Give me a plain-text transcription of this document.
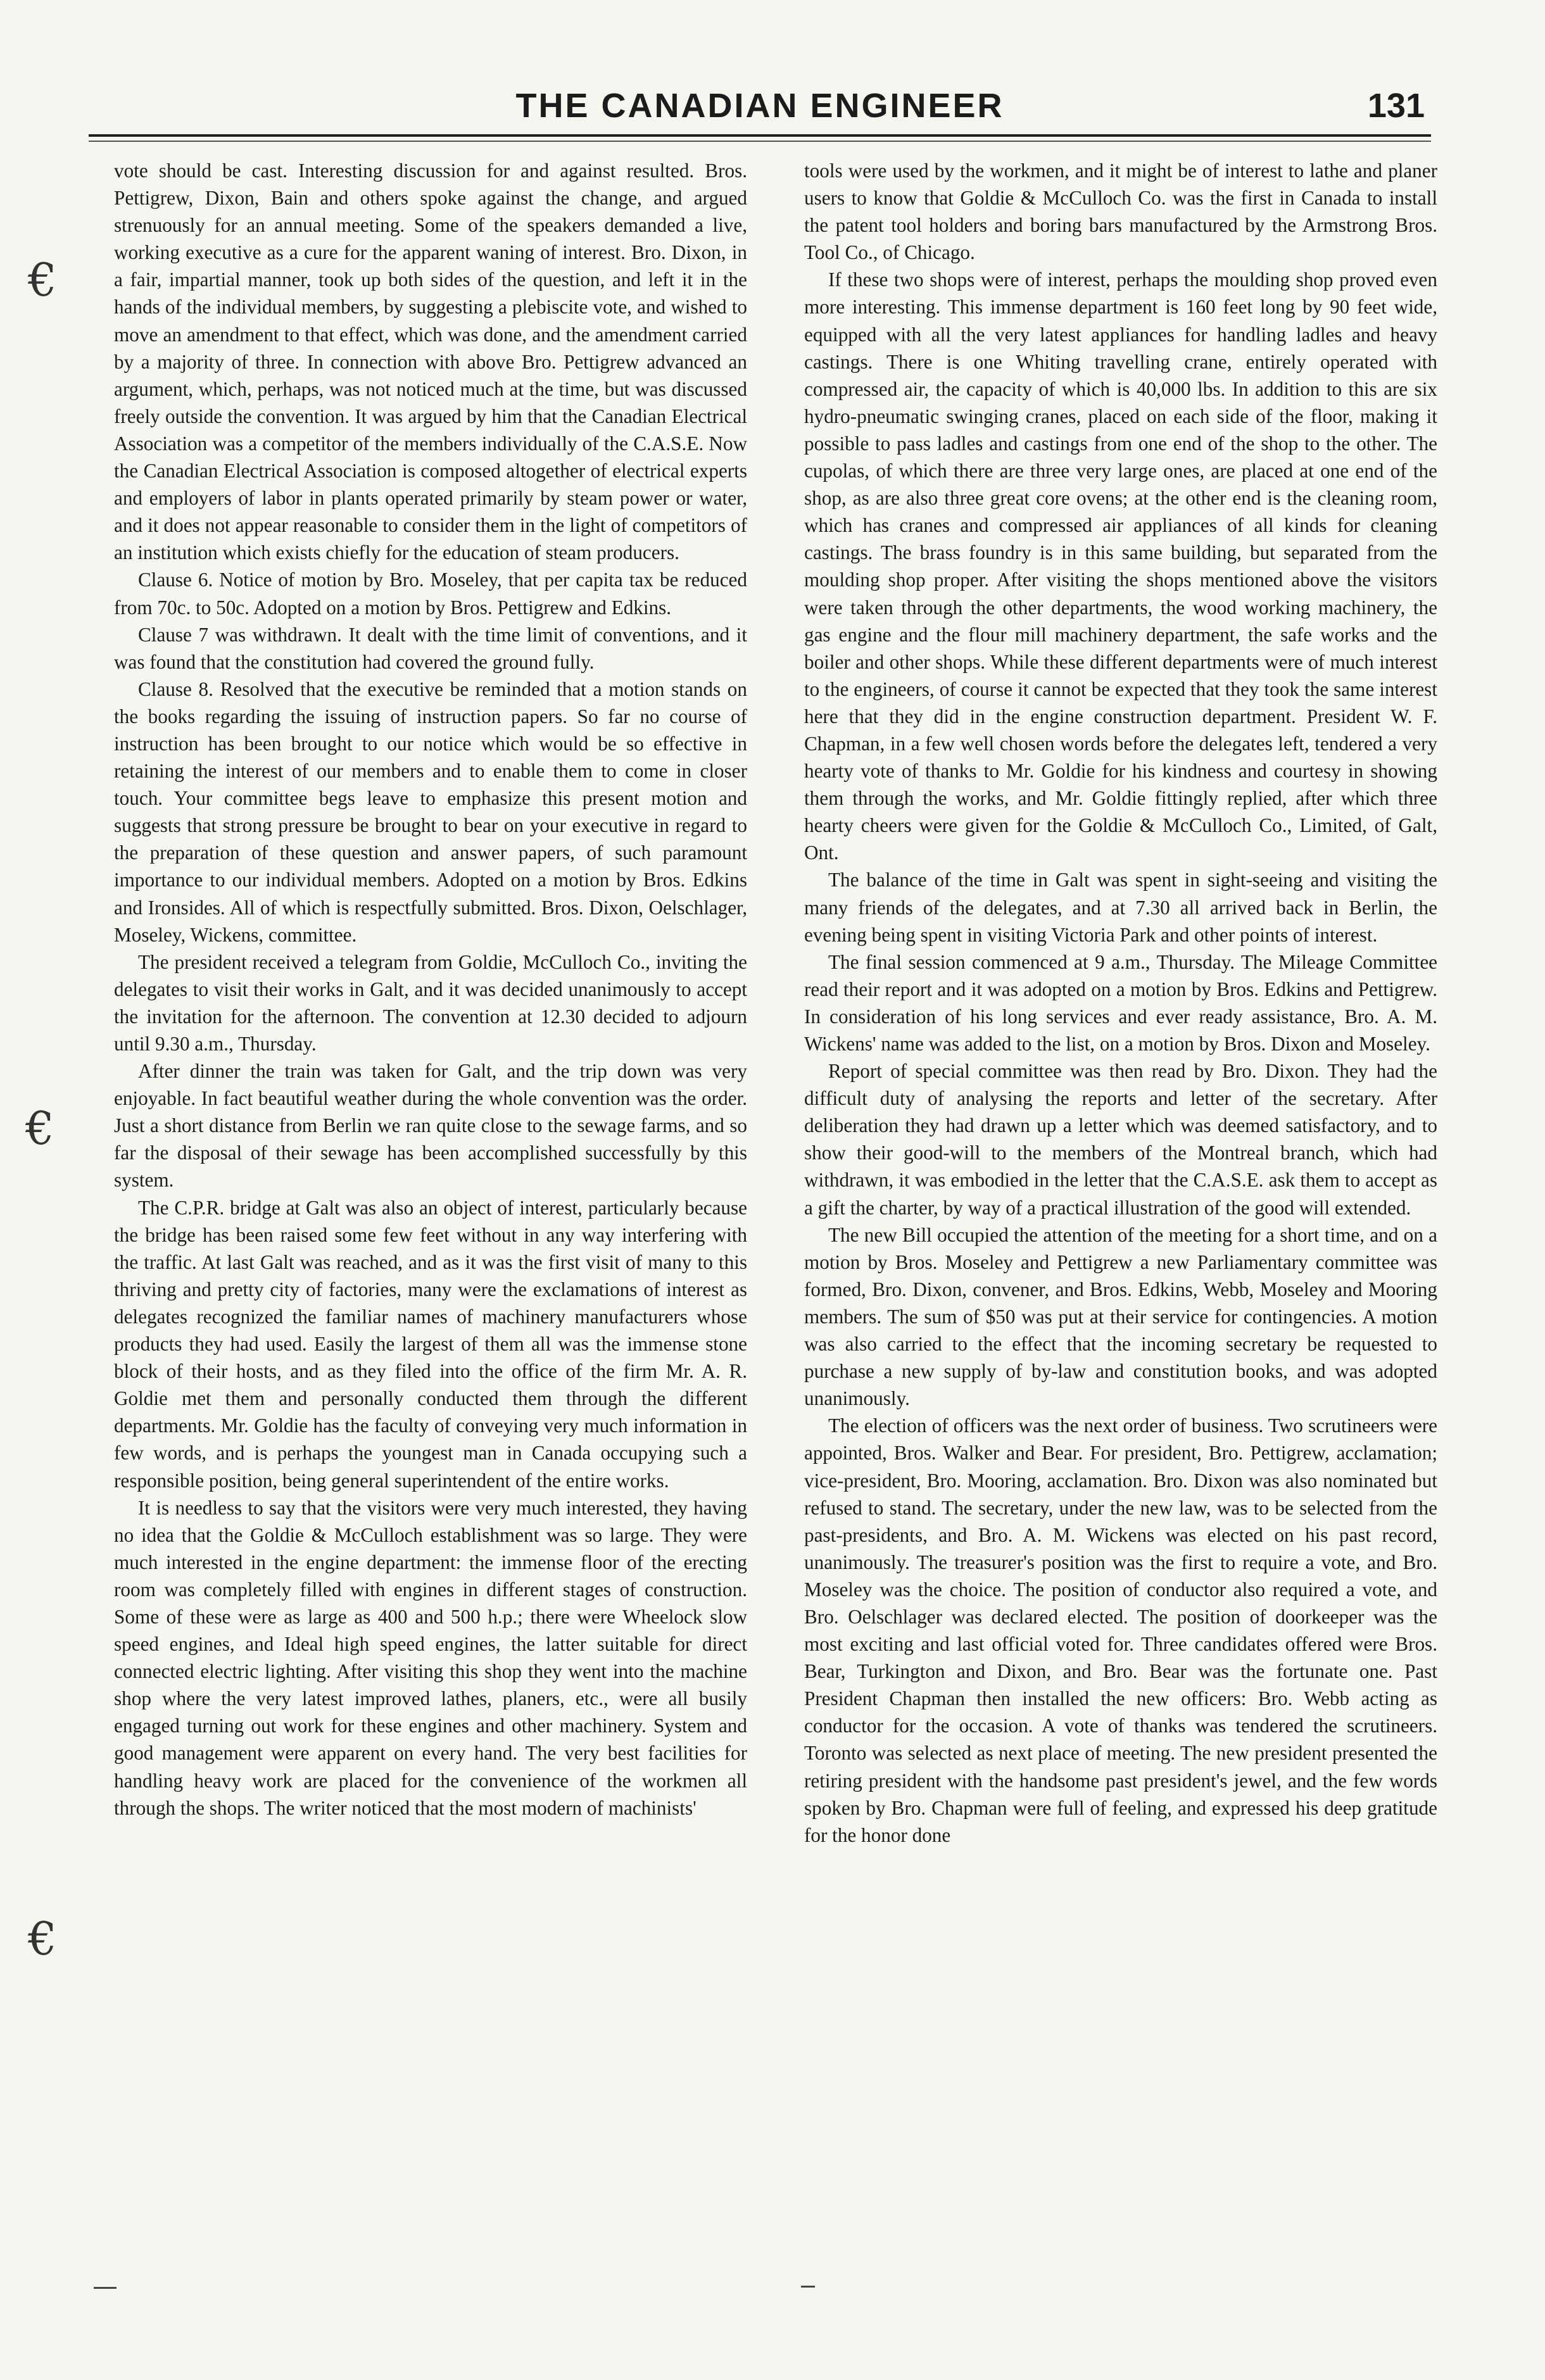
THE CANADIAN ENGINEER	131

vote should be cast. Interesting discussion for and against resulted. Bros. Pettigrew, Dixon, Bain and others spoke against the change, and argued strenuously for an annual meeting. Some of the speakers demanded a live, working executive as a cure for the apparent waning of interest. Bro. Dixon, in a fair, impartial manner, took up both sides of the question, and left it in the hands of the individual members, by suggesting a plebiscite vote, and wished to move an amendment to that effect, which was done, and the amendment carried by a majority of three. In connection with above Bro. Pettigrew advanced an argument, which, perhaps, was not noticed much at the time, but was discussed freely outside the convention. It was argued by him that the Canadian Electrical Association was a competitor of the members individually of the C.A.S.E. Now the Canadian Electrical Association is composed altogether of electrical experts and employers of labor in plants operated primarily by steam power or water, and it does not appear reasonable to consider them in the light of competitors of an institution which exists chiefly for the education of steam producers.

Clause 6. Notice of motion by Bro. Moseley, that per capita tax be reduced from 70c. to 50c. Adopted on a motion by Bros. Pettigrew and Edkins.

Clause 7 was withdrawn. It dealt with the time limit of conventions, and it was found that the constitution had covered the ground fully.

Clause 8. Resolved that the executive be reminded that a motion stands on the books regarding the issuing of instruction papers. So far no course of instruction has been brought to our notice which would be so effective in retaining the interest of our members and to enable them to come in closer touch. Your committee begs leave to emphasize this present motion and suggests that strong pressure be brought to bear on your executive in regard to the preparation of these question and answer papers, of such paramount importance to our individual members. Adopted on a motion by Bros. Edkins and Ironsides. All of which is respectfully submitted. Bros. Dixon, Oelschlager, Moseley, Wickens, committee.

The president received a telegram from Goldie, McCulloch Co., inviting the delegates to visit their works in Galt, and it was decided unanimously to accept the invitation for the afternoon. The convention at 12.30 decided to adjourn until 9.30 a.m., Thursday.

After dinner the train was taken for Galt, and the trip down was very enjoyable. In fact beautiful weather during the whole convention was the order. Just a short distance from Berlin we ran quite close to the sewage farms, and so far the disposal of their sewage has been accomplished successfully by this system.

The C.P.R. bridge at Galt was also an object of interest, particularly because the bridge has been raised some few feet without in any way interfering with the traffic. At last Galt was reached, and as it was the first visit of many to this thriving and pretty city of factories, many were the exclamations of interest as delegates recognized the familiar names of machinery manufacturers whose products they had used. Easily the largest of them all was the immense stone block of their hosts, and as they filed into the office of the firm Mr. A. R. Goldie met them and personally conducted them through the different departments. Mr. Goldie has the faculty of conveying very much information in few words, and is perhaps the youngest man in Canada occupying such a responsible position, being general superintendent of the entire works.

It is needless to say that the visitors were very much interested, they having no idea that the Goldie & McCulloch establishment was so large. They were much interested in the engine department: the immense floor of the erecting room was completely filled with engines in different stages of construction. Some of these were as large as 400 and 500 h.p.; there were Wheelock slow speed engines, and Ideal high speed engines, the latter suitable for direct connected electric lighting. After visiting this shop they went into the machine shop where the very latest improved lathes, planers, etc., were all busily engaged turning out work for these engines and other machinery. System and good management were apparent on every hand. The very best facilities for handling heavy work are placed for the convenience of the workmen all through the shops. The writer noticed that the most modern of machinists'

tools were used by the workmen, and it might be of interest to lathe and planer users to know that Goldie & McCulloch Co. was the first in Canada to install the patent tool holders and boring bars manufactured by the Armstrong Bros. Tool Co., of Chicago.

If these two shops were of interest, perhaps the moulding shop proved even more interesting. This immense department is 160 feet long by 90 feet wide, equipped with all the very latest appliances for handling ladles and heavy castings. There is one Whiting travelling crane, entirely operated with compressed air, the capacity of which is 40,000 lbs. In addition to this are six hydro-pneumatic swinging cranes, placed on each side of the floor, making it possible to pass ladles and castings from one end of the shop to the other. The cupolas, of which there are three very large ones, are placed at one end of the shop, as are also three great core ovens; at the other end is the cleaning room, which has cranes and compressed air appliances of all kinds for cleaning castings. The brass foundry is in this same building, but separated from the moulding shop proper. After visiting the shops mentioned above the visitors were taken through the other departments, the wood working machinery, the gas engine and the flour mill machinery department, the safe works and the boiler and other shops. While these different departments were of much interest to the engineers, of course it cannot be expected that they took the same interest here that they did in the engine construction department. President W. F. Chapman, in a few well chosen words before the delegates left, tendered a very hearty vote of thanks to Mr. Goldie for his kindness and courtesy in showing them through the works, and Mr. Goldie fittingly replied, after which three hearty cheers were given for the Goldie & McCulloch Co., Limited, of Galt, Ont.

The balance of the time in Galt was spent in sight-seeing and visiting the many friends of the delegates, and at 7.30 all arrived back in Berlin, the evening being spent in visiting Victoria Park and other points of interest.

The final session commenced at 9 a.m., Thursday. The Mileage Committee read their report and it was adopted on a motion by Bros. Edkins and Pettigrew. In consideration of his long services and ever ready assistance, Bro. A. M. Wickens' name was added to the list, on a motion by Bros. Dixon and Moseley.

Report of special committee was then read by Bro. Dixon. They had the difficult duty of analysing the reports and letter of the secretary. After deliberation they had drawn up a letter which was deemed satisfactory, and to show their good-will to the members of the Montreal branch, which had withdrawn, it was embodied in the letter that the C.A.S.E. ask them to accept as a gift the charter, by way of a practical illustration of the good will extended.

The new Bill occupied the attention of the meeting for a short time, and on a motion by Bros. Moseley and Pettigrew a new Parliamentary committee was formed, Bro. Dixon, convener, and Bros. Edkins, Webb, Moseley and Mooring members. The sum of $50 was put at their service for contingencies. A motion was also carried to the effect that the incoming secretary be requested to purchase a new supply of by-law and constitution books, and was adopted unanimously.

The election of officers was the next order of business. Two scrutineers were appointed, Bros. Walker and Bear. For president, Bro. Pettigrew, acclamation; vice-president, Bro. Mooring, acclamation. Bro. Dixon was also nominated but refused to stand. The secretary, under the new law, was to be selected from the past-presidents, and Bro. A. M. Wickens was elected on his past record, unanimously. The treasurer's position was the first to require a vote, and Bro. Moseley was the choice. The position of conductor also required a vote, and Bro. Oelschlager was declared elected. The position of doorkeeper was the most exciting and last official voted for. Three candidates offered were Bros. Bear, Turkington and Dixon, and Bro. Bear was the fortunate one. Past President Chapman then installed the new officers: Bro. Webb acting as conductor for the occasion. A vote of thanks was tendered the scrutineers. Toronto was selected as next place of meeting. The new president presented the retiring president with the handsome past president's jewel, and the few words spoken by Bro. Chapman were full of feeling, and expressed his deep gratitude for the honor done

€
€
€
